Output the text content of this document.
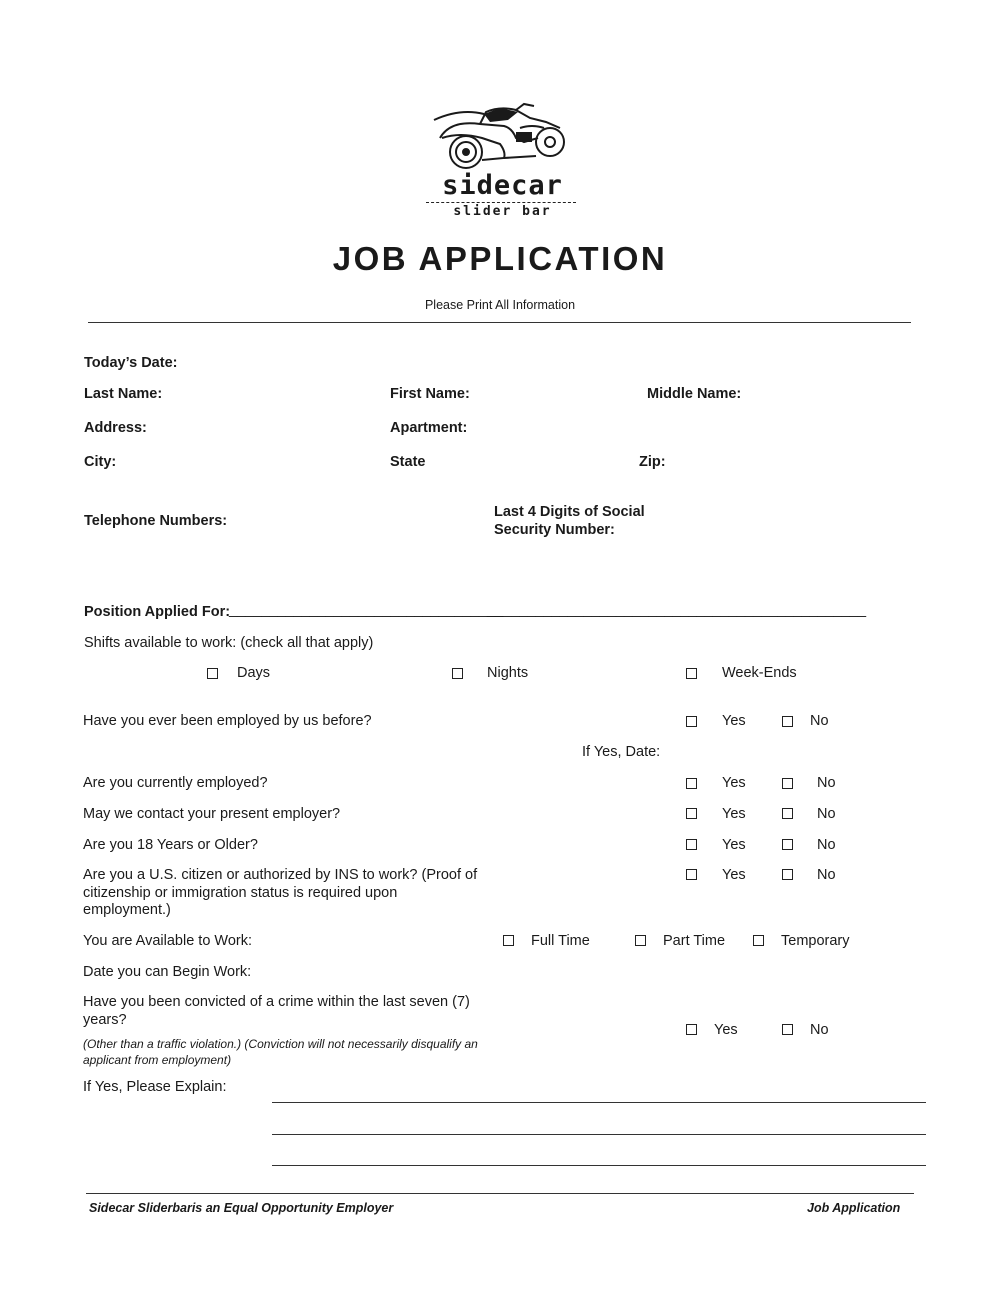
sidecar
slider bar
JOB APPLICATION
Please Print All Information
Today’s Date:
Last Name:	First Name:	Middle Name:
Address:	Apartment:
City:	State	Zip:
Telephone Numbers:
Last 4 Digits of Social Security Number:
Position Applied For:
__________________________________
_______________________________________________
Shifts available to work: (check all that apply)
Days	Nights	Week-Ends
Have you ever been employed by us before?	Yes	No
If Yes, Date:
Are you currently employed?	Yes	No
May we contact your present employer?	Yes	No
Are you 18 Years or Older?	Yes	No
Are you a U.S. citizen or authorized by INS to work? (Proof of citizenship or immigration status is required upon employment.)
Yes	No
You are Available to Work:	Full Time	Part Time	Temporary
Date you can Begin Work:
Have you been convicted of a crime within the last seven (7) years?
(Other than a traffic violation.) (Conviction will not necessarily disqualify an applicant from employment)
Yes	No
If Yes, Please Explain:
Sidecar Sliderbaris an Equal Opportunity Employer	Job Application
